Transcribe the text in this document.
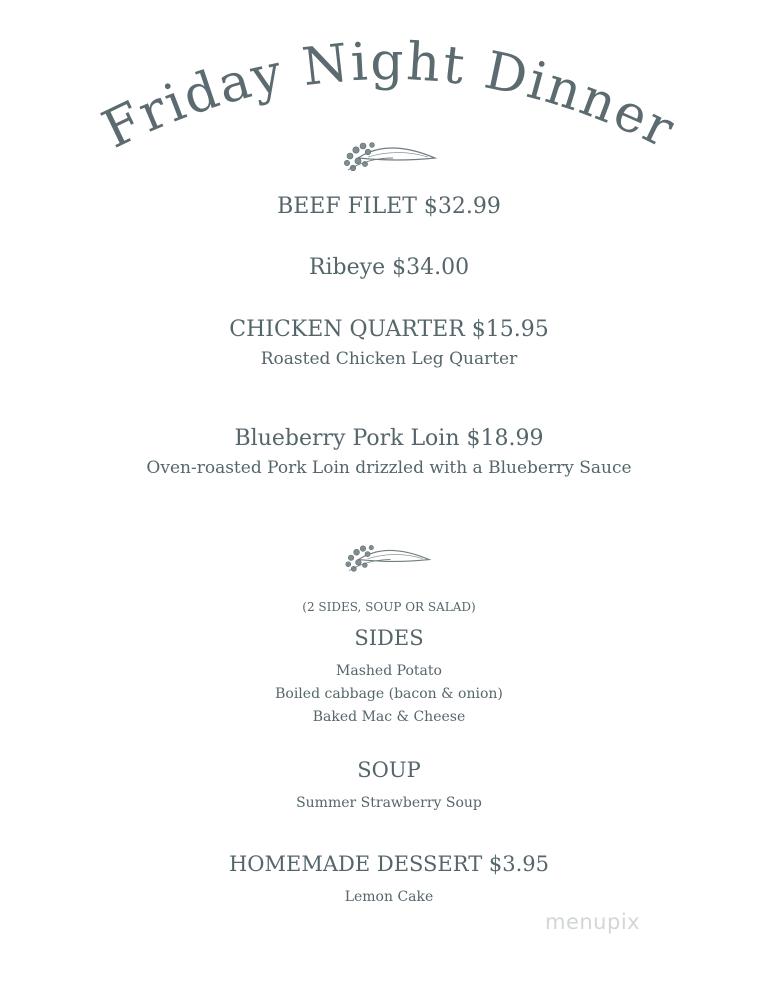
Friday Night Dinner
BEEF FILET $32.99
Ribeye $34.00
CHICKEN QUARTER $15.95
Roasted Chicken Leg Quarter
Blueberry Pork Loin $18.99
Oven-roasted Pork Loin drizzled with a Blueberry Sauce
(2 SIDES, SOUP OR SALAD)
SIDES
Mashed Potato
Boiled cabbage (bacon & onion)
Baked Mac & Cheese
SOUP
Summer Strawberry Soup
HOMEMADE DESSERT $3.95
Lemon Cake
menupix
